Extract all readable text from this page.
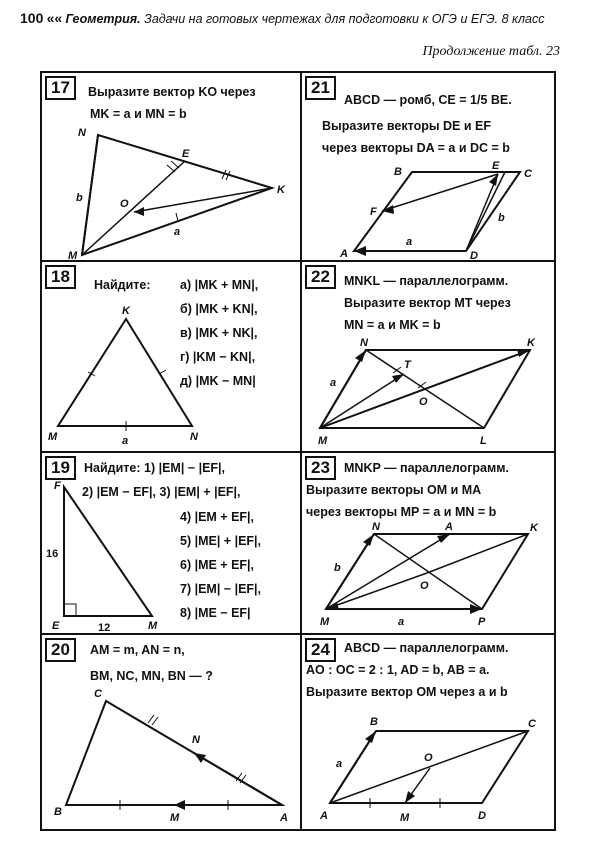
100 «« Геометрия. Задачи на готовых чертежах для подготовки к ОГЭ и ЕГЭ. 8 класс
Продолжение табл. 23
17	Выразите вектор KO через
MK = a и MN = b
N
E
O
K
M
b
a
21
ABCD — ромб, CE = 1/5 BE.
Выразите векторы DE и EF
через векторы DA = a и DC = b
B	E
C
F
A	D
a
b
18	Найдите: а) |MK + MN|,
б) |MK + KN|,
в) |MK + NK|,
г) |KM − KN|,
д) |MK − MN|
K
M	N
a
22	MNKL — параллелограмм.
Выразите вектор MT через
MN = a и MK = b
N	K
T
O
M	L
a
19	Найдите: 1) |EM| − |EF|,
2) |EM − EF|, 3) |EM| + |EF|,
4) |EM + EF|,
5) |ME| + |EF|,
6) |ME + EF|,
7) |EM| − |EF|,
8) |ME − EF|
F
E	M
16
12
23	MNKP — параллелограмм.
Выразите векторы OM и MA
через векторы MP = a и MN = b
N	A	K
O
M	P
b
a
20	AM = m, AN = n,
BM, NC, MN, BN — ?
C
N
B	M	A
24	ABCD — параллелограмм.
AO : OC = 2 : 1, AD = b, AB = a.
Выразите вектор OM через a и b
B	C
O
A	M	D
a
